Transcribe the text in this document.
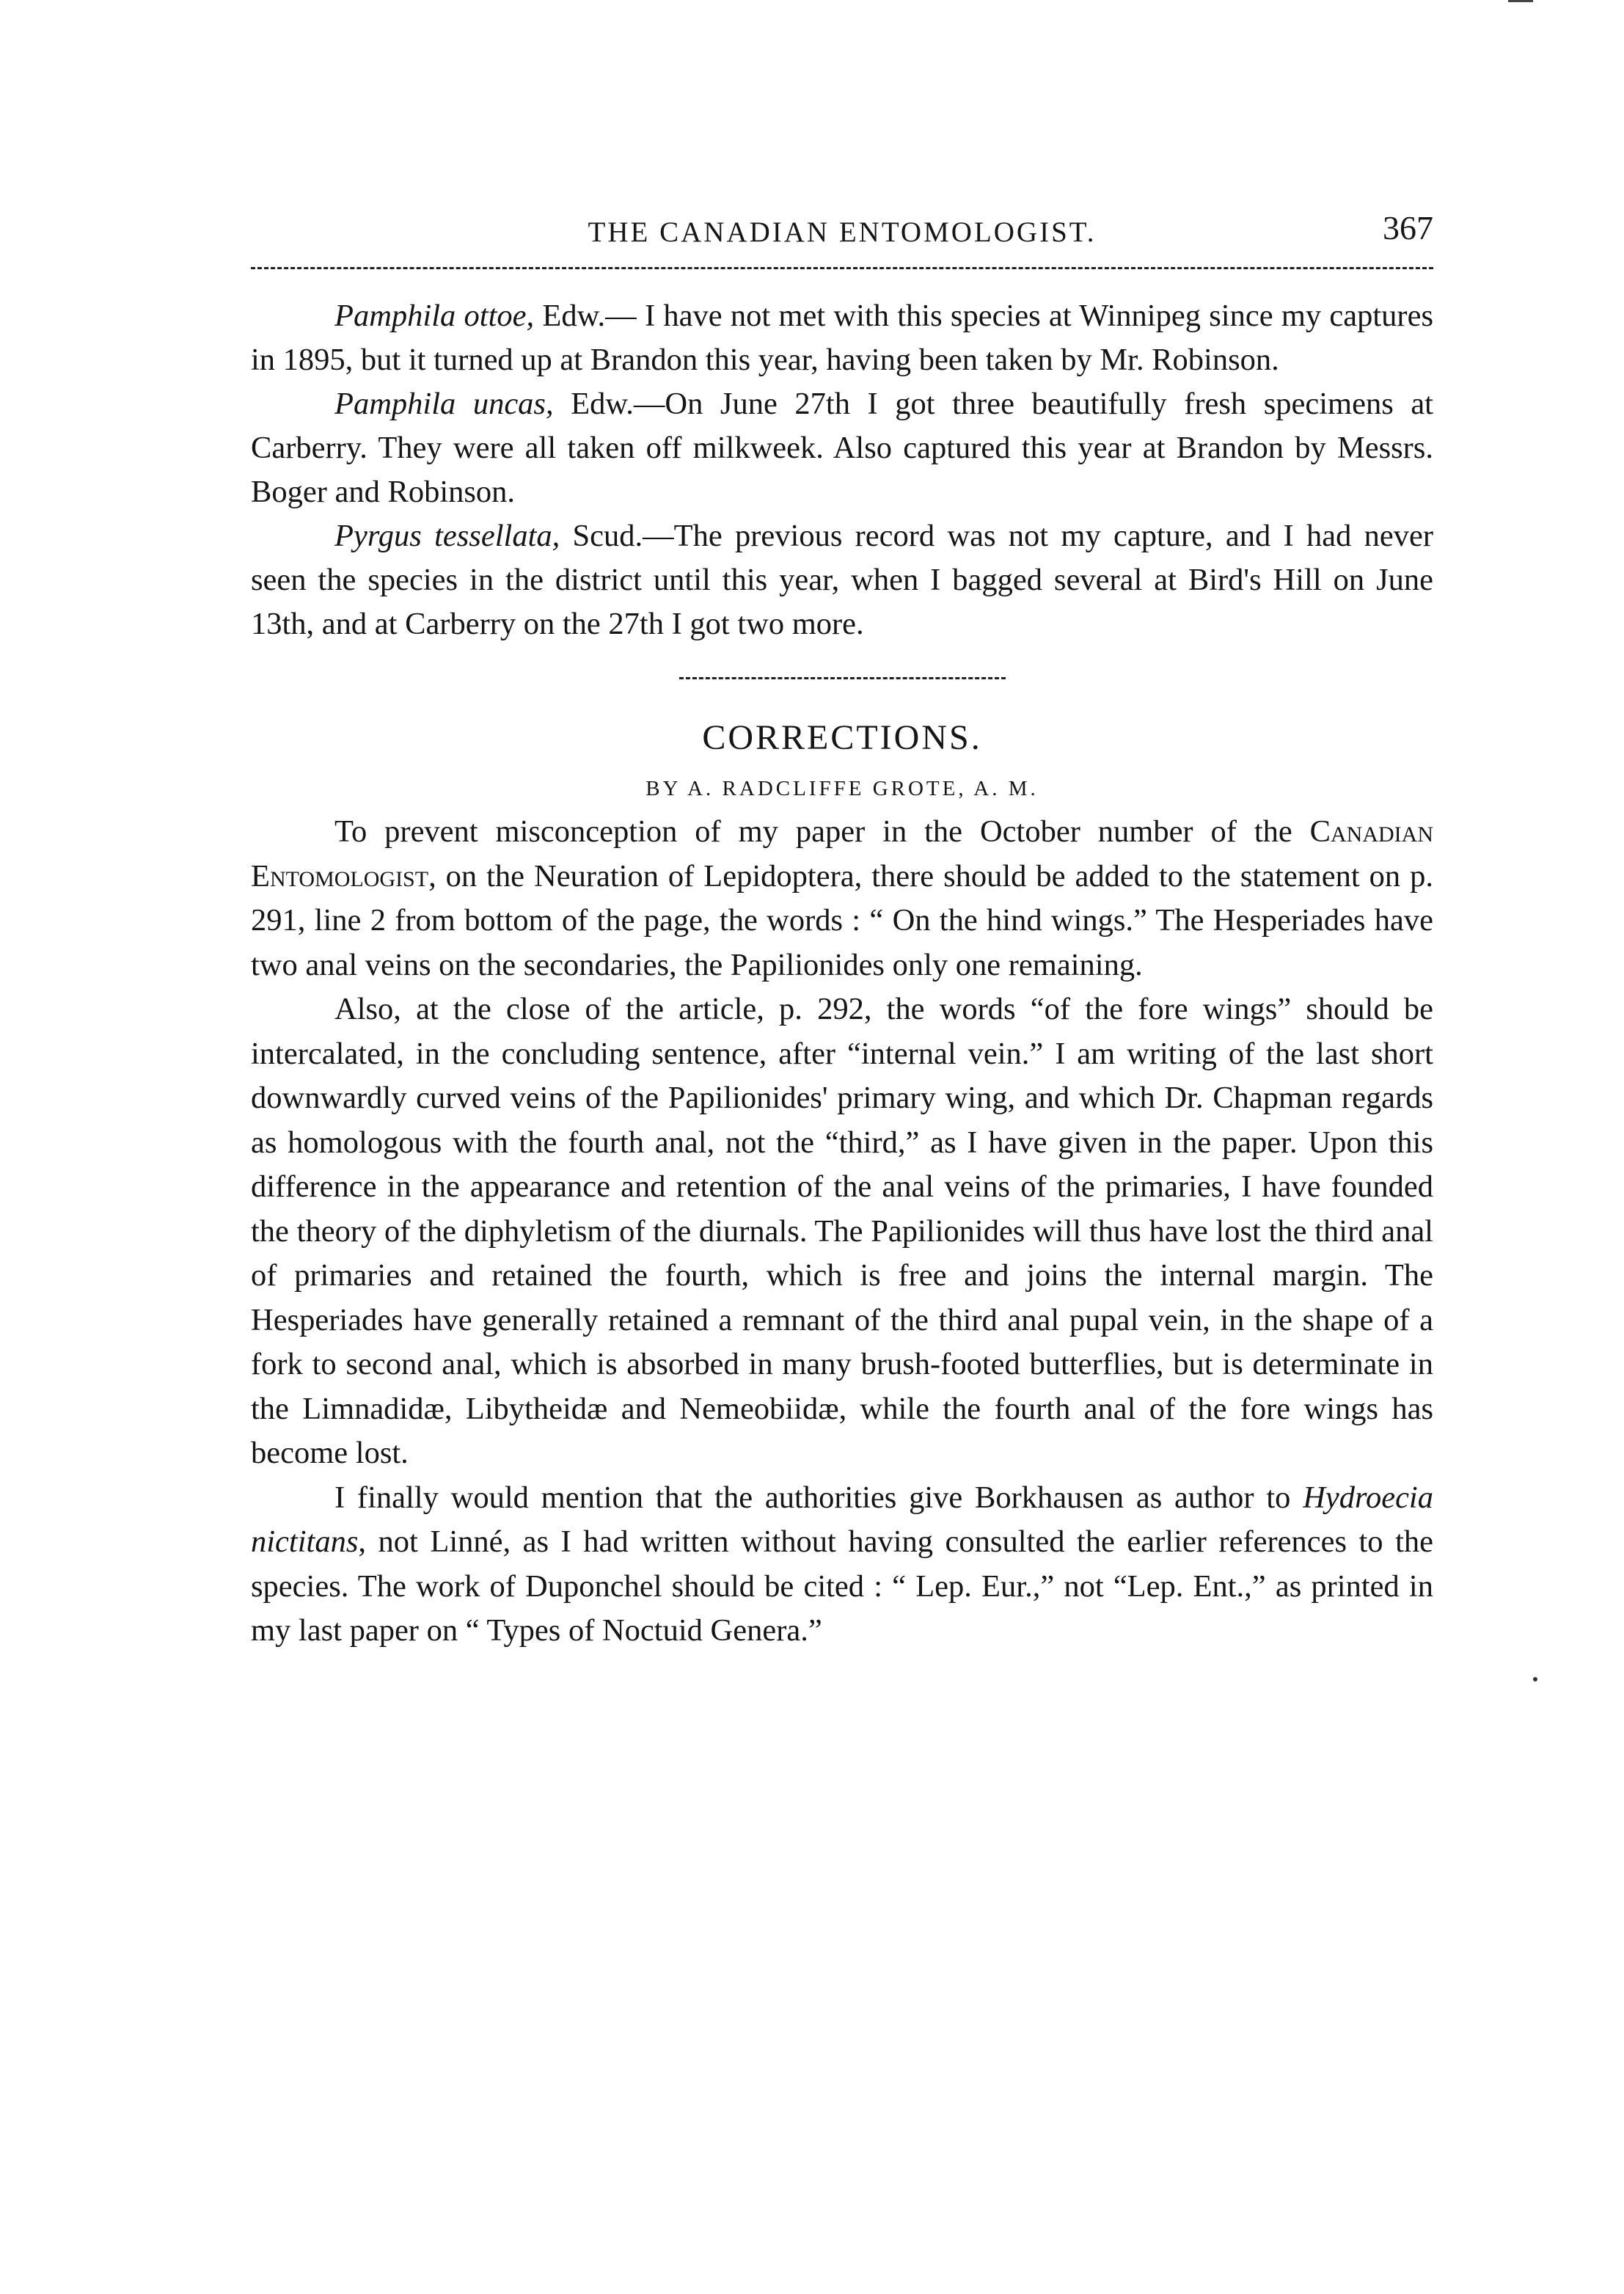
THE CANADIAN ENTOMOLOGIST.	367

Pamphila ottoe, Edw.— I have not met with this species at Winnipeg since my captures in 1895, but it turned up at Brandon this year, having been taken by Mr. Robinson.

Pamphila uncas, Edw.—On June 27th I got three beautifully fresh specimens at Carberry. They were all taken off milkweek. Also captured this year at Brandon by Messrs. Boger and Robinson.

Pyrgus tessellata, Scud.—The previous record was not my capture, and I had never seen the species in the district until this year, when I bagged several at Bird's Hill on June 13th, and at Carberry on the 27th I got two more.

CORRECTIONS.
BY A. RADCLIFFE GROTE, A. M.

To prevent misconception of my paper in the October number of the Canadian Entomologist, on the Neuration of Lepidoptera, there should be added to the statement on p. 291, line 2 from bottom of the page, the words : “ On the hind wings.” The Hesperiades have two anal veins on the secondaries, the Papilionides only one remaining.

Also, at the close of the article, p. 292, the words “of the fore wings” should be intercalated, in the concluding sentence, after “internal vein.” I am writing of the last short downwardly curved veins of the Papilionides' primary wing, and which Dr. Chapman regards as homologous with the fourth anal, not the “third,” as I have given in the paper. Upon this difference in the appearance and retention of the anal veins of the primaries, I have founded the theory of the diphyletism of the diurnals. The Papilionides will thus have lost the third anal of primaries and retained the fourth, which is free and joins the internal margin. The Hesperiades have generally retained a remnant of the third anal pupal vein, in the shape of a fork to second anal, which is absorbed in many brush-footed butterflies, but is determinate in the Limnadidæ, Libytheidæ and Nemeobiidæ, while the fourth anal of the fore wings has become lost.

I finally would mention that the authorities give Borkhausen as author to Hydroecia nictitans, not Linné, as I had written without having consulted the earlier references to the species. The work of Duponchel should be cited : “ Lep. Eur.,” not “Lep. Ent.,” as printed in my last paper on “ Types of Noctuid Genera.”
